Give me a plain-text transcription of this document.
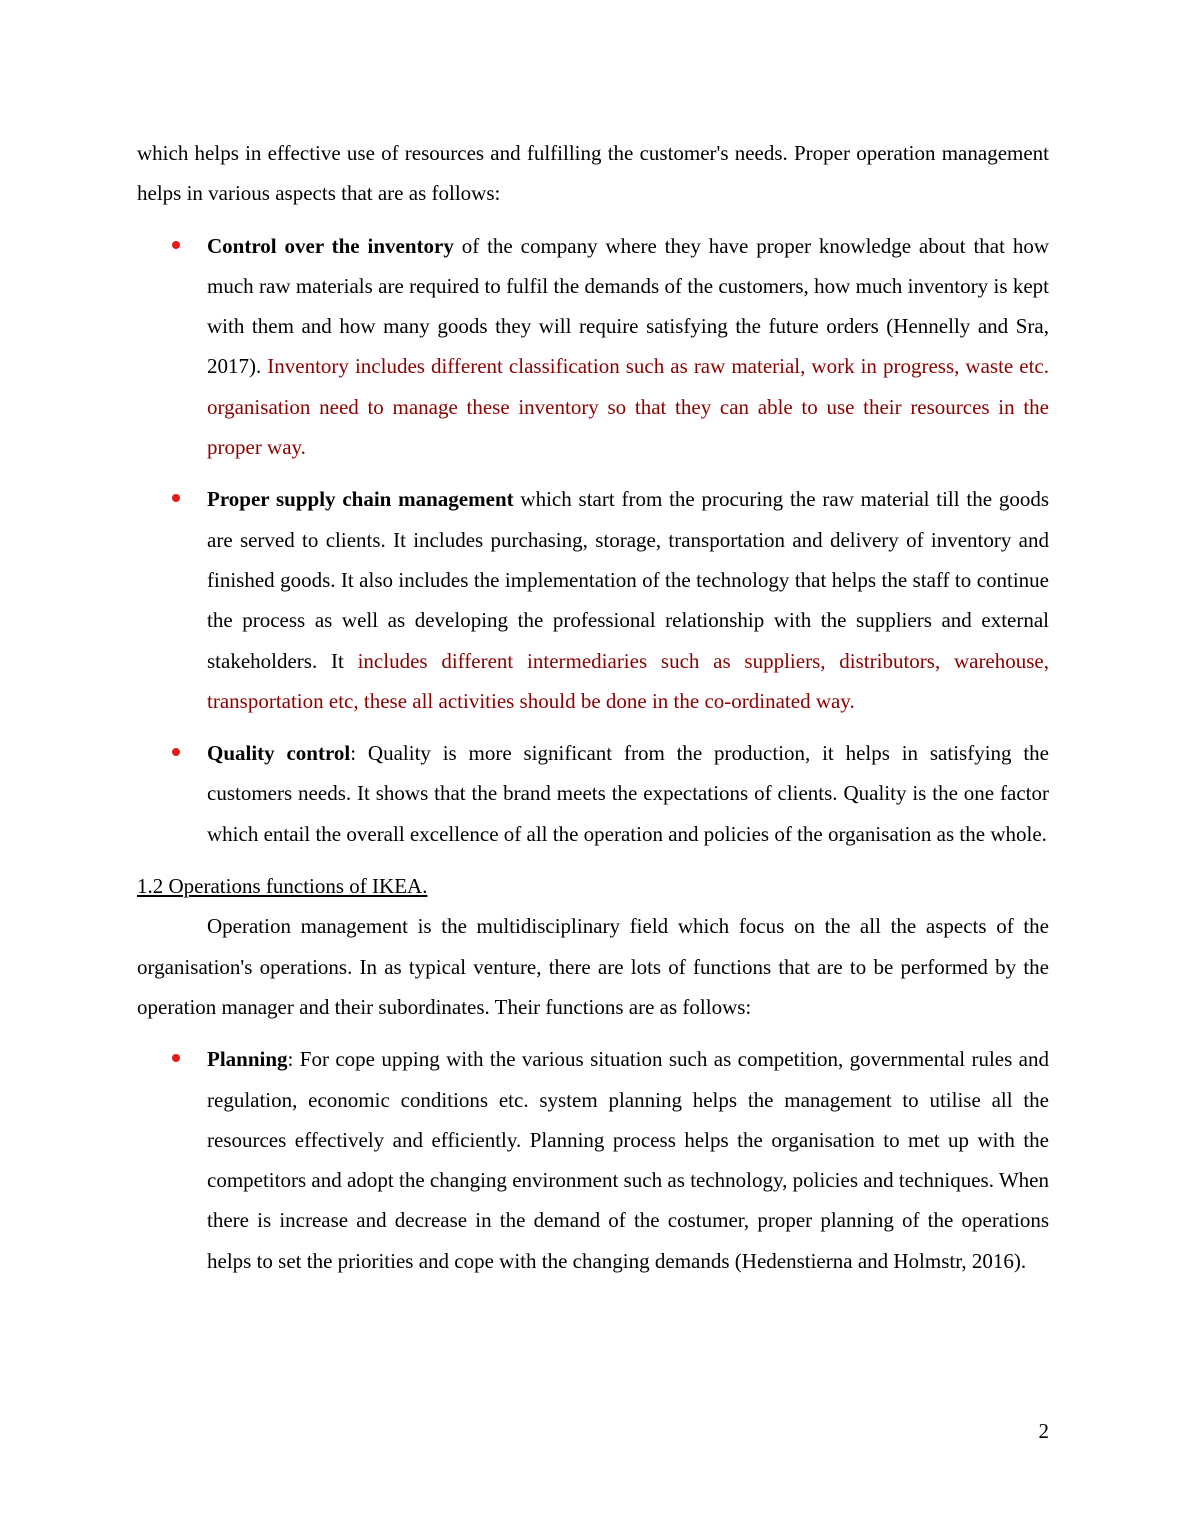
which helps in effective use of resources and fulfilling the customer's needs. Proper operation management helps in various aspects that are as follows:

Control over the inventory of the company where they have proper knowledge about that how much raw materials are required to fulfil the demands of the customers, how much inventory is kept with them and how many goods they will require satisfying the future orders (Hennelly and Sra, 2017). Inventory includes different classification such as raw material, work in progress, waste etc. organisation need to manage these inventory so that they can able to use their resources in the proper way.

Proper supply chain management which start from the procuring the raw material till the goods are served to clients. It includes purchasing, storage, transportation and delivery of inventory and finished goods. It also includes the implementation of the technology that helps the staff to continue the process as well as developing the professional relationship with the suppliers and external stakeholders. It includes different intermediaries such as suppliers, distributors, warehouse, transportation etc, these all activities should be done in the co-ordinated way.

Quality control: Quality is more significant from the production, it helps in satisfying the customers needs. It shows that the brand meets the expectations of clients. Quality is the one factor which entail the overall excellence of all the operation and policies of the organisation as the whole.

1.2 Operations functions of IKEA.

Operation management is the multidisciplinary field which focus on the all the aspects of the organisation's operations. In as typical venture, there are lots of functions that are to be performed by the operation manager and their subordinates. Their functions are as follows:

Planning: For cope upping with the various situation such as competition, governmental rules and regulation, economic conditions etc. system planning helps the management to utilise all the resources effectively and efficiently. Planning process helps the organisation to met up with the competitors and adopt the changing environment such as technology, policies and techniques. When there is increase and decrease in the demand of the costumer, proper planning of the operations helps to set the priorities and cope with the changing demands (Hedenstierna and Holmstr, 2016).

2
